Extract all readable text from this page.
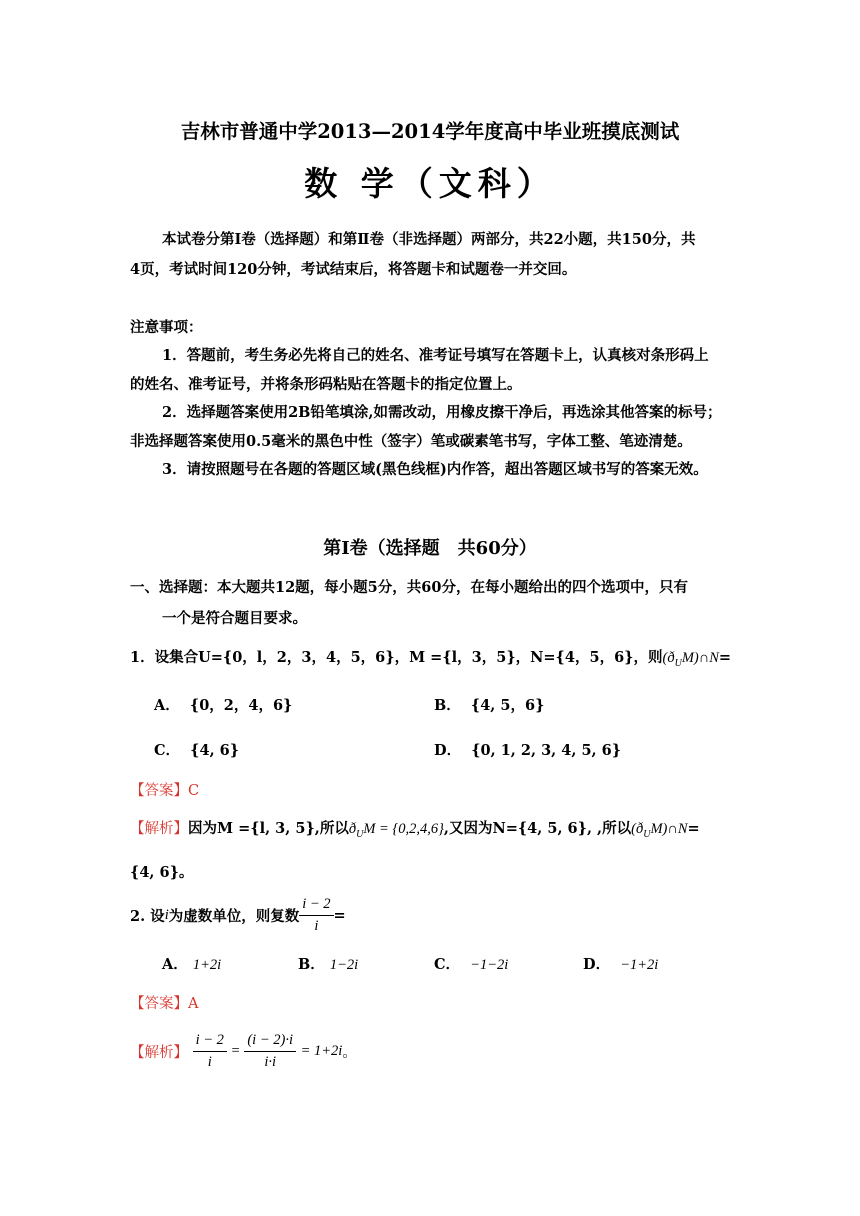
吉林市普通中学2013—2014学年度高中毕业班摸底测试
数 学（文科）
本试卷分第Ⅰ卷（选择题）和第Ⅱ卷（非选择题）两部分，共22小题，共150分，共
4页，考试时间120分钟，考试结束后，将答题卡和试题卷一并交回。
注意事项：
1．答题前，考生务必先将自己的姓名、准考证号填写在答题卡上，认真核对条形码上
的姓名、准考证号，并将条形码粘贴在答题卡的指定位置上。
2．选择题答案使用2B铅笔填涂,如需改动，用橡皮擦干净后，再选涂其他答案的标号；
非选择题答案使用0.5毫米的黑色中性（签字）笔或碳素笔书写，字体工整、笔迹清楚。
3．请按照题号在各题的答题区域(黑色线框)内作答，超出答题区域书写的答案无效。
第Ⅰ卷（选择题　共60分）
一、选择题：本大题共12题，每小题5分，共60分，在每小题给出的四个选项中，只有
一个是符合题目要求。
1．设集合U={0，l，2，3，4，5，6}，M ={l，3，5}，N={4，5，6}，则$(ð_UM)\cap N=$
A． {0，2，4，6}	B． {4, 5，6}
C． {4, 6}	D． {0, 1, 2, 3, 4, 5, 6}
【答案】C
【解析】因为M ={l, 3, 5},所以$ð_UM = \{0,2,4,6\}$,又因为N={4, 5, 6}, ,所以$(ð_UM)\cap N=$
{4, 6}。
2. 设i为虚数单位，则复数 $\frac{i - 2}{i}$ =
A． 1+2i	B． 1−2i	C． −1−2i	D． −1+2i
【答案】A
【解析】 $\frac{i - 2}{i} = \frac{(i - 2)\cdot i}{i\cdot i} = 1+2i$。
